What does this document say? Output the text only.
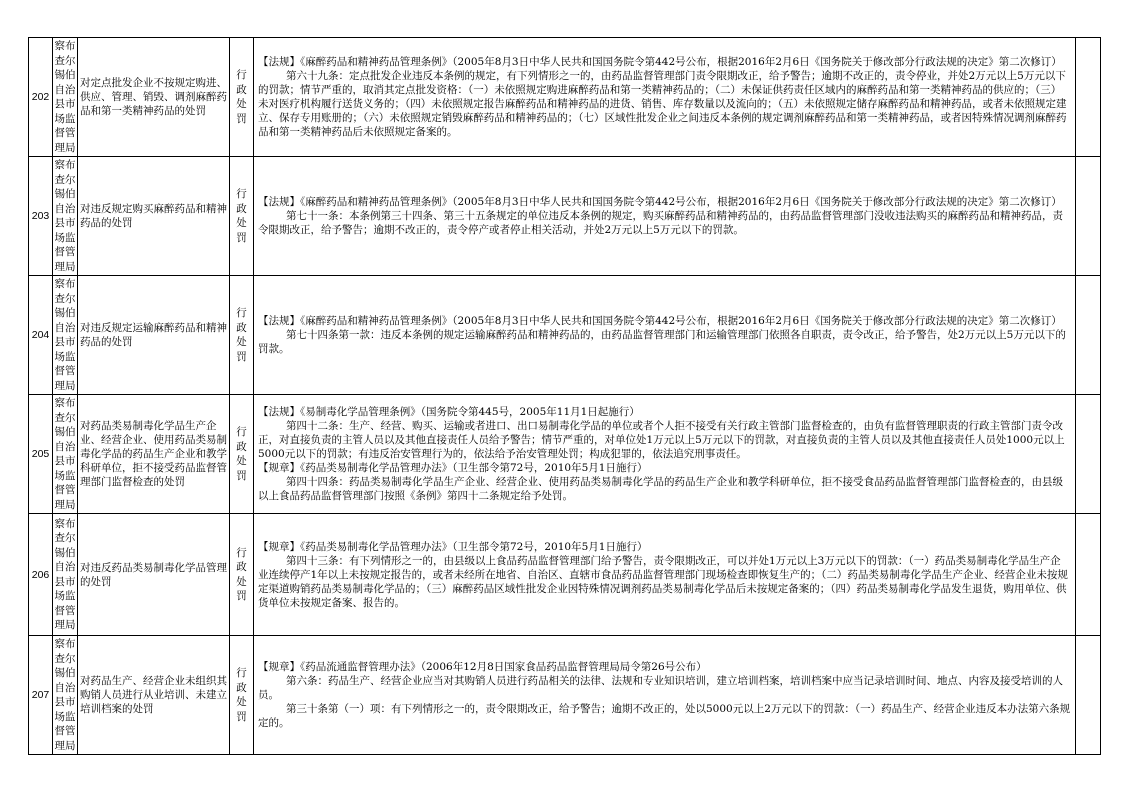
202	察布查尔锡伯自治县市场监督管理局	对定点批发企业不按规定购进、供应、管理、销毁、调剂麻醉药品和第一类精神药品的处罚	行政处罚	【法规】《麻醉药品和精神药品管理条例》（2005年8月3日中华人民共和国国务院令第442号公布，根据2016年2月6日《国务院关于修改部分行政法规的决定》第二次修订）

第六十九条：定点批发企业违反本条例的规定，有下列情形之一的，由药品监督管理部门责令限期改正，给予警告；逾期不改正的，责令停业，并处2万元以上5万元以下的罚款；情节严重的，取消其定点批发资格：（一）未依照规定购进麻醉药品和第一类精神药品的；（二）未保证供药责任区域内的麻醉药品和第一类精神药品的供应的；（三）未对医疗机构履行送货义务的；（四）未依照规定报告麻醉药品和精神药品的进货、销售、库存数量以及流向的；（五）未依照规定储存麻醉药品和精神药品，或者未依照规定建立、保存专用账册的；（六）未依照规定销毁麻醉药品和精神药品的；（七）区域性批发企业之间违反本条例的规定调剂麻醉药品和第一类精神药品，或者因特殊情况调剂麻醉药品和第一类精神药品后未依照规定备案的。	

203	察布查尔锡伯自治县市场监督管理局	对违反规定购买麻醉药品和精神药品的处罚	行政处罚	【法规】《麻醉药品和精神药品管理条例》（2005年8月3日中华人民共和国国务院令第442号公布，根据2016年2月6日《国务院关于修改部分行政法规的决定》第二次修订）

第七十一条：本条例第三十四条、第三十五条规定的单位违反本条例的规定，购买麻醉药品和精神药品的，由药品监督管理部门没收违法购买的麻醉药品和精神药品，责令限期改正，给予警告；逾期不改正的，责令停产或者停止相关活动，并处2万元以上5万元以下的罚款。	

204	察布查尔锡伯自治县市场监督管理局	对违反规定运输麻醉药品和精神药品的处罚	行政处罚	【法规】《麻醉药品和精神药品管理条例》（2005年8月3日中华人民共和国国务院令第442号公布，根据2016年2月6日《国务院关于修改部分行政法规的决定》第二次修订）

第七十四条第一款：违反本条例的规定运输麻醉药品和精神药品的，由药品监督管理部门和运输管理部门依照各自职责，责令改正，给予警告，处2万元以上5万元以下的罚款。	

205	察布查尔锡伯自治县市场监督管理局	对药品类易制毒化学品生产企业、经营企业、使用药品类易制毒化学品的药品生产企业和教学科研单位，拒不接受药品监督管理部门监督检查的处罚	行政处罚	【法规】《易制毒化学品管理条例》（国务院令第445号，2005年11月1日起施行）

第四十二条：生产、经营、购买、运输或者进口、出口易制毒化学品的单位或者个人拒不接受有关行政主管部门监督检查的，由负有监督管理职责的行政主管部门责令改正，对直接负责的主管人员以及其他直接责任人员给予警告；情节严重的，对单位处1万元以上5万元以下的罚款，对直接负责的主管人员以及其他直接责任人员处1000元以上5000元以下的罚款；有违反治安管理行为的，依法给予治安管理处罚；构成犯罪的，依法追究刑事责任。

【规章】《药品类易制毒化学品管理办法》（卫生部令第72号，2010年5月1日施行）

第四十四条：药品类易制毒化学品生产企业、经营企业、使用药品类易制毒化学品的药品生产企业和教学科研单位，拒不接受食品药品监督管理部门监督检查的，由县级以上食品药品监督管理部门按照《条例》第四十二条规定给予处罚。	

206	察布查尔锡伯自治县市场监督管理局	对违反药品类易制毒化学品管理的处罚	行政处罚	【规章】《药品类易制毒化学品管理办法》（卫生部令第72号，2010年5月1日施行）

第四十三条：有下列情形之一的，由县级以上食品药品监督管理部门给予警告，责令限期改正，可以并处1万元以上3万元以下的罚款：（一）药品类易制毒化学品生产企业连续停产1年以上未按规定报告的，或者未经所在地省、自治区、直辖市食品药品监督管理部门现场检查即恢复生产的；（二）药品类易制毒化学品生产企业、经营企业未按规定渠道购销药品类易制毒化学品的；（三）麻醉药品区域性批发企业因特殊情况调剂药品类易制毒化学品后未按规定备案的；（四）药品类易制毒化学品发生退货，购用单位、供货单位未按规定备案、报告的。	

207	察布查尔锡伯自治县市场监督管理局	对药品生产、经营企业未组织其购销人员进行从业培训、未建立培训档案的处罚	行政处罚	【规章】《药品流通监督管理办法》（2006年12月8日国家食品药品监督管理局局令第26号公布）

第六条：药品生产、经营企业应当对其购销人员进行药品相关的法律、法规和专业知识培训，建立培训档案，培训档案中应当记录培训时间、地点、内容及接受培训的人员。

第三十条第（一）项：有下列情形之一的，责令限期改正，给予警告；逾期不改正的，处以5000元以上2万元以下的罚款：（一）药品生产、经营企业违反本办法第六条规定的。	
